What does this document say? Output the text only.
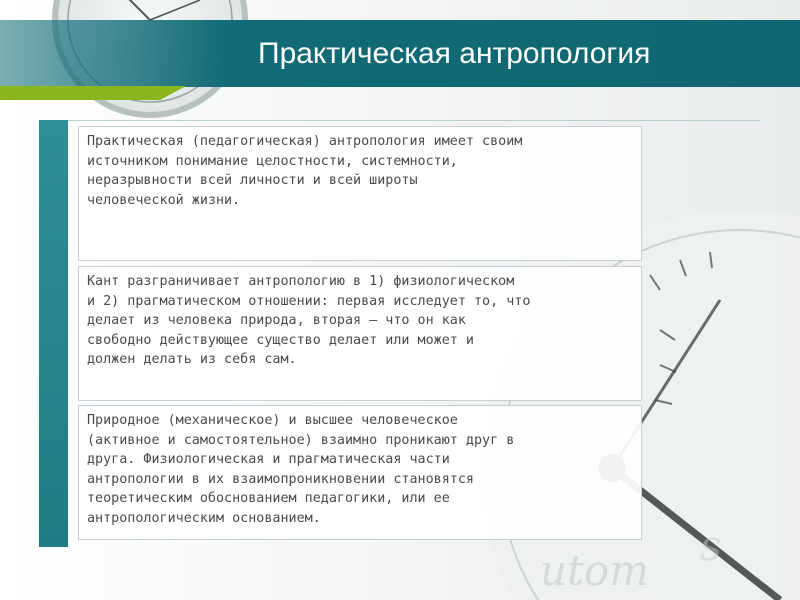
utom
s
Практическая антропология
Практическая (педагогическая) антропология имеет своим
источником понимание целостности, системности,
неразрывности всей личности и всей широты
человеческой жизни.
Кант разграничивает антропологию в 1) физиологическом
и 2) прагматическом отношении: первая исследует то, что
делает из человека природа, вторая — что он как
свободно действующее существо делает или может и
должен делать из себя сам.
Природное (механическое) и высшее человеческое
(активное и самостоятельное) взаимно проникают друг в
друга. Физиологическая и прагматическая части
антропологии в их взаимопроникновении становятся
теоретическим обоснованием педагогики, или ее
антропологическим основанием.
